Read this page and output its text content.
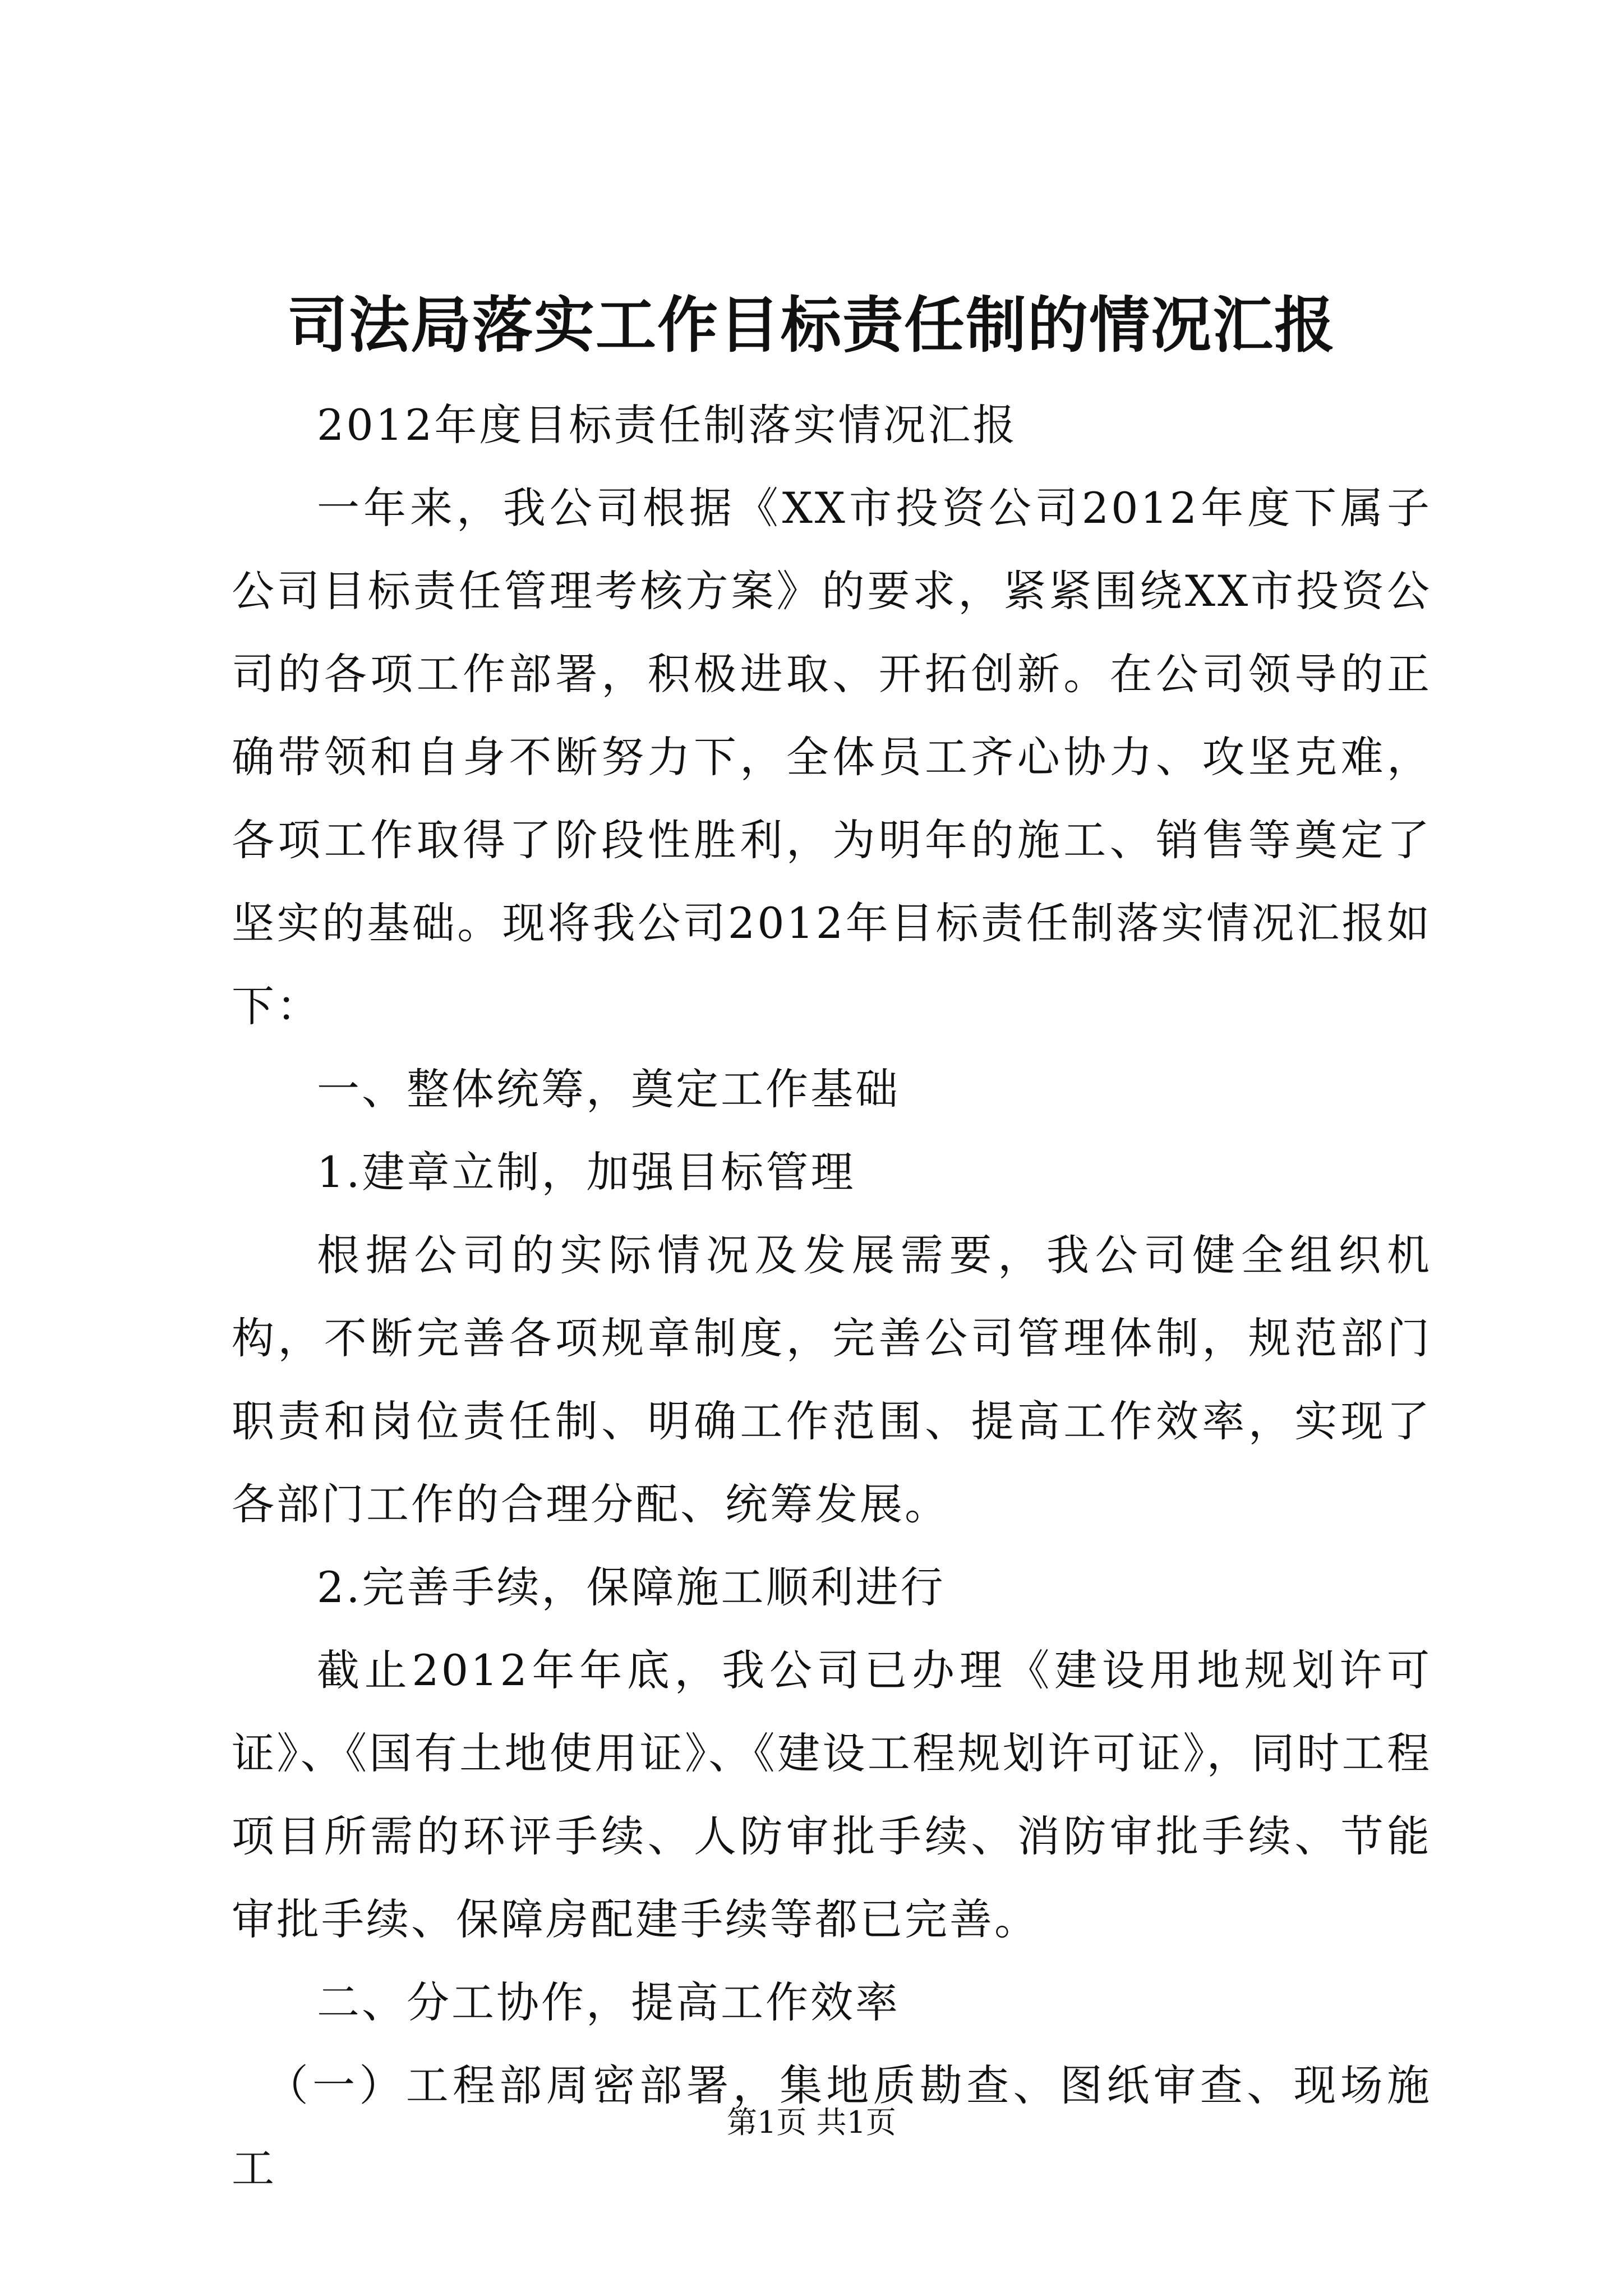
司法局落实工作目标责任制的情况汇报

2012年度目标责任制落实情况汇报

一年来，我公司根据《XX市投资公司2012年度下属子公司目标责任管理考核方案》的要求，紧紧围绕XX市投资公司的各项工作部署，积极进取、开拓创新。在公司领导的正确带领和自身不断努力下，全体员工齐心协力、攻坚克难，各项工作取得了阶段性胜利，为明年的施工、销售等奠定了坚实的基础。现将我公司2012年目标责任制落实情况汇报如下：

一、整体统筹，奠定工作基础

1.建章立制，加强目标管理

根据公司的实际情况及发展需要，我公司健全组织机构，不断完善各项规章制度，完善公司管理体制，规范部门职责和岗位责任制、明确工作范围、提高工作效率，实现了各部门工作的合理分配、统筹发展。

2.完善手续，保障施工顺利进行

截止2012年年底，我公司已办理《建设用地规划许可证》、《国有土地使用证》、《建设工程规划许可证》，同时工程项目所需的环评手续、人防审批手续、消防审批手续、节能审批手续、保障房配建手续等都已完善。

二、分工协作，提高工作效率

（一）工程部周密部署，集地质勘查、图纸审查、现场施工

第1页 共1页
